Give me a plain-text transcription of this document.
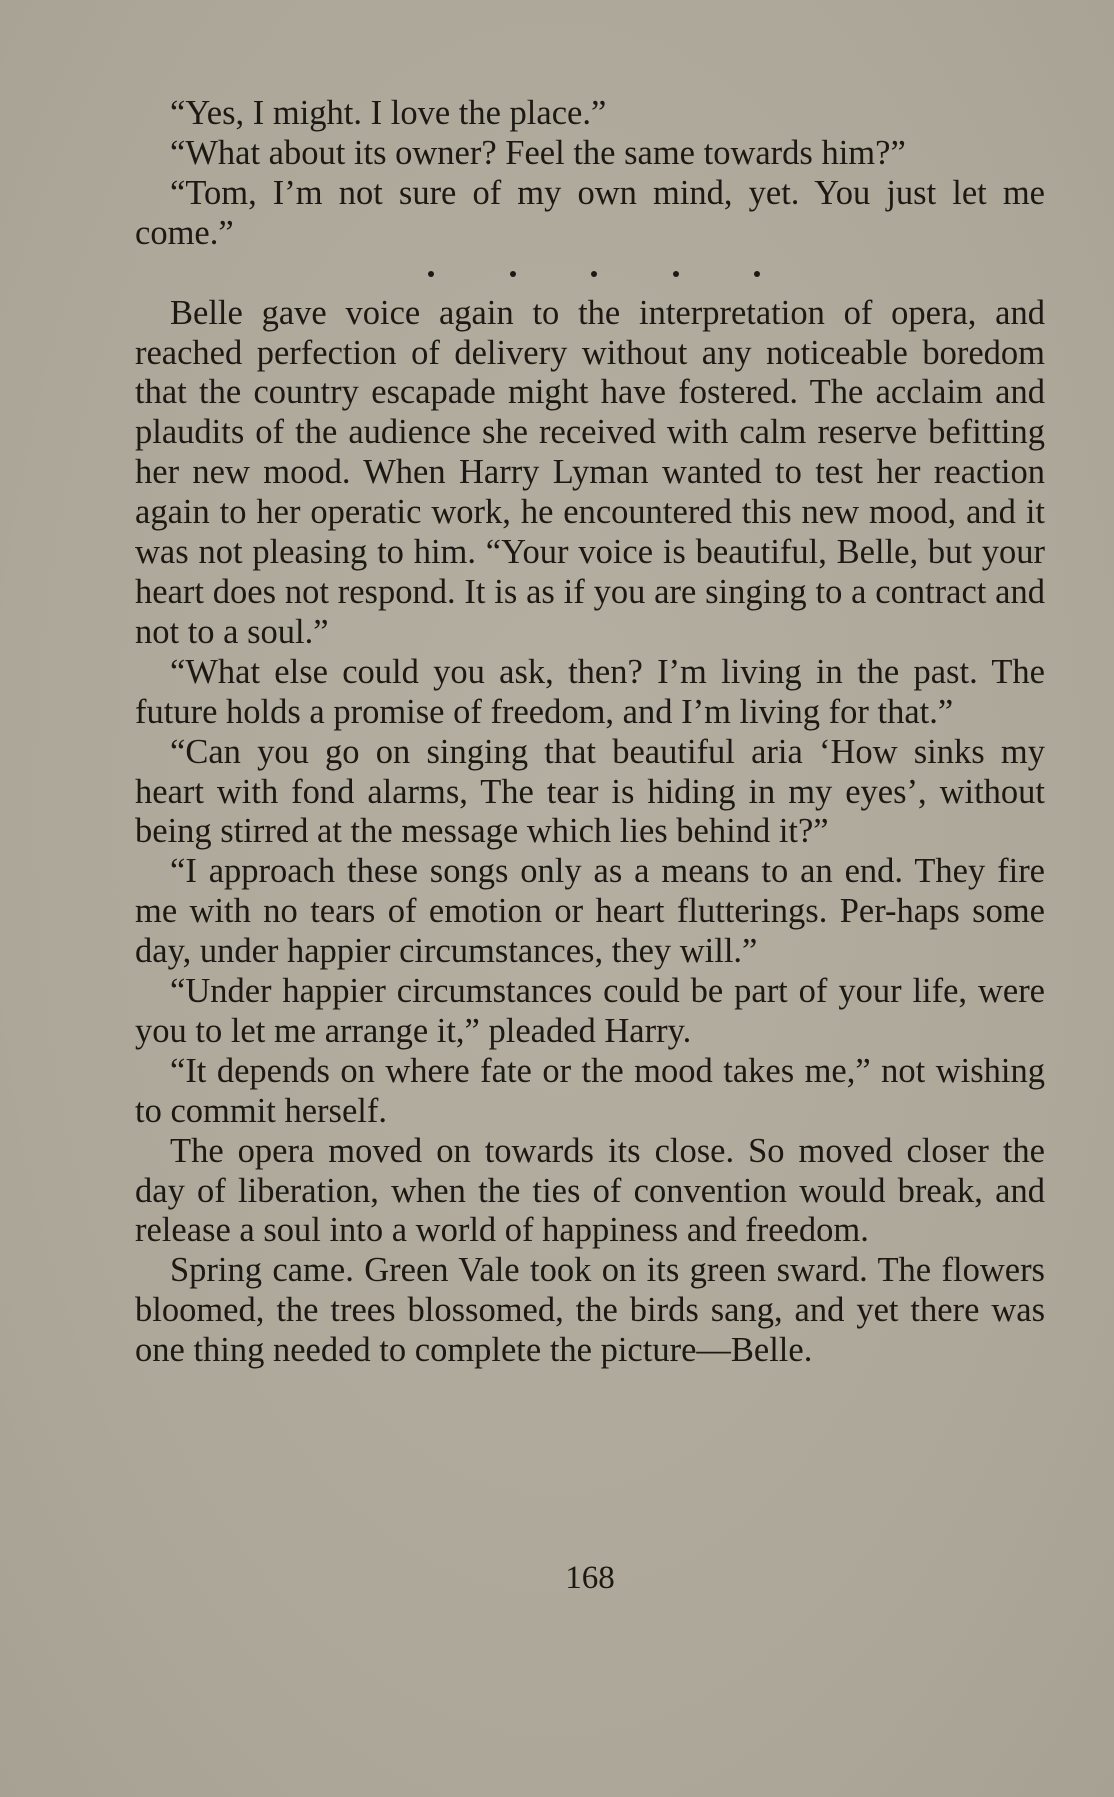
“Yes, I might. I love the place.”

“What about its owner? Feel the same towards him?”

“Tom, I’m not sure of my own mind, yet. You just let me come.”

Belle gave voice again to the interpretation of opera, and reached perfection of delivery without any noticeable boredom that the country escapade might have fostered. The acclaim and plaudits of the audience she received with calm reserve befitting her new mood. When Harry Lyman wanted to test her reaction again to her operatic work, he encountered this new mood, and it was not pleasing to him. “Your voice is beautiful, Belle, but your heart does not respond. It is as if you are singing to a contract and not to a soul.”

“What else could you ask, then? I’m living in the past. The future holds a promise of freedom, and I’m living for that.”

“Can you go on singing that beautiful aria ‘How sinks my heart with fond alarms, The tear is hiding in my eyes’, without being stirred at the message which lies behind it?”

“I approach these songs only as a means to an end. They fire me with no tears of emotion or heart flutterings. Per-haps some day, under happier circumstances, they will.”

“Under happier circumstances could be part of your life, were you to let me arrange it,” pleaded Harry.

“It depends on where fate or the mood takes me,” not wishing to commit herself.

The opera moved on towards its close. So moved closer the day of liberation, when the ties of convention would break, and release a soul into a world of happiness and freedom.

Spring came. Green Vale took on its green sward. The flowers bloomed, the trees blossomed, the birds sang, and yet there was one thing needed to complete the picture—Belle.

168
